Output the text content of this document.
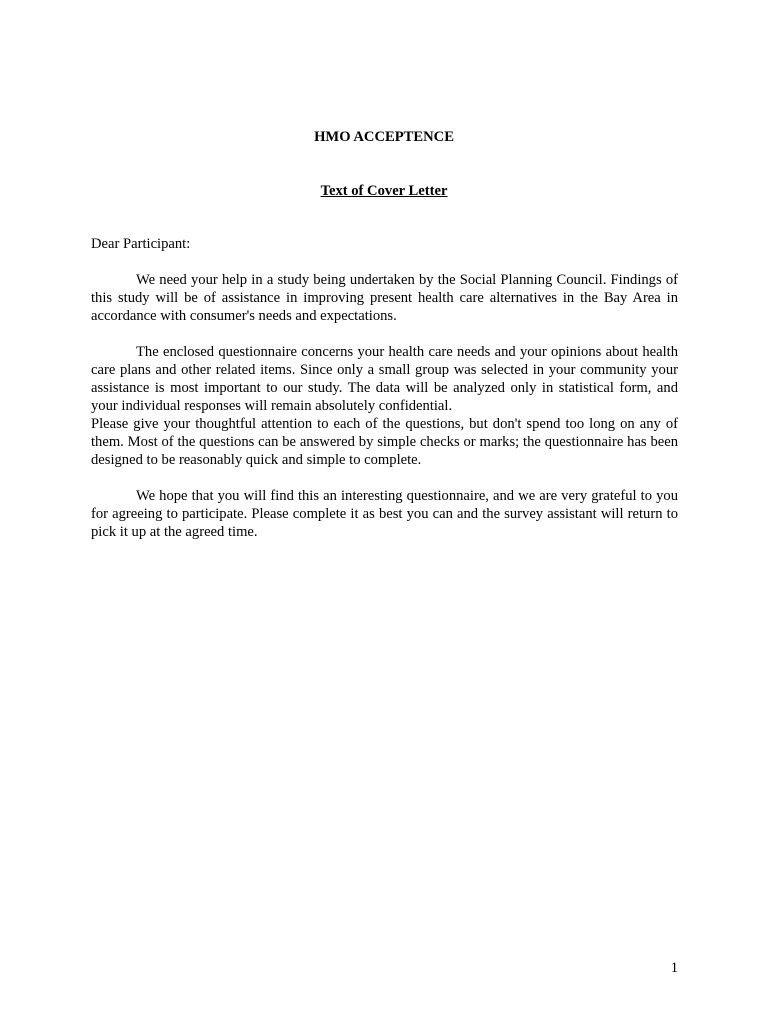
HMO ACCEPTENCE
Text of Cover Letter

Dear Participant:

We need your help in a study being undertaken by the Social Planning Council. Findings of this study will be of assistance in improving present health care alternatives in the Bay Area in accordance with consumer's needs and expectations.

The enclosed questionnaire concerns your health care needs and your opinions about health care plans and other related items. Since only a small group was selected in your community your assistance is most important to our study. The data will be analyzed only in statistical form, and your individual responses will remain absolutely confidential.

Please give your thoughtful attention to each of the questions, but don't spend too long on any of them. Most of the questions can be answered by simple checks or marks; the questionnaire has been designed to be reasonably quick and simple to complete.

We hope that you will find this an interesting questionnaire, and we are very grateful to you for agreeing to participate. Please complete it as best you can and the survey assistant will return to pick it up at the agreed time.

1
